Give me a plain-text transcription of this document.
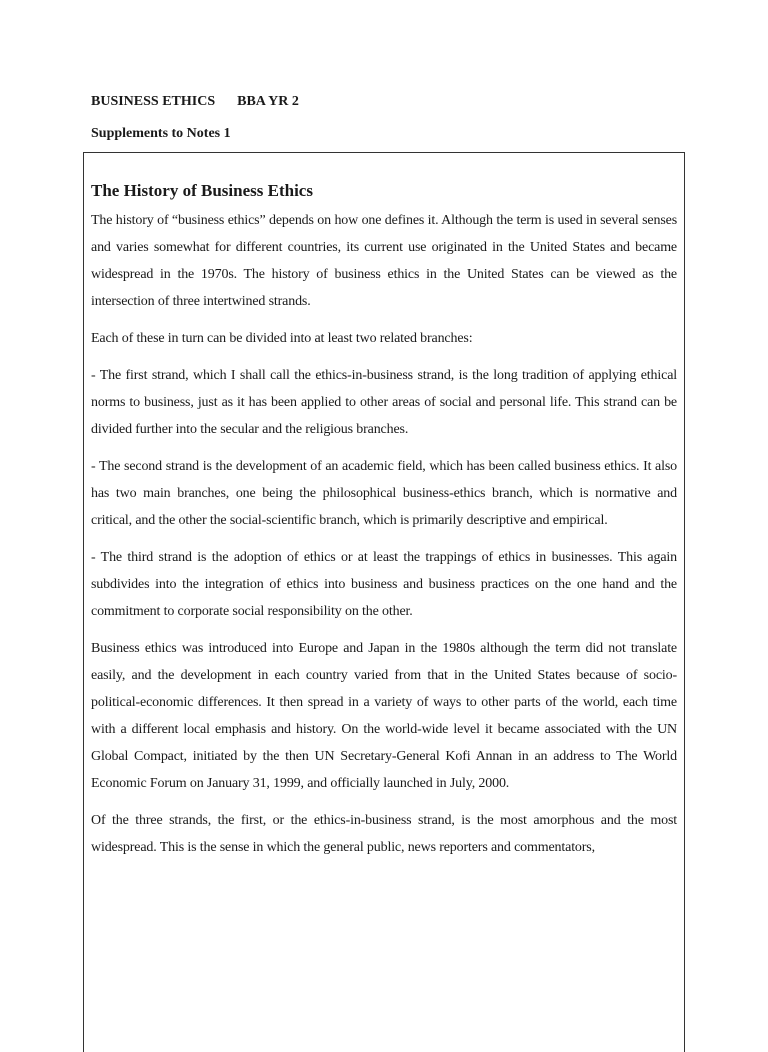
BUSINESS ETHICS BBA YR 2
Supplements to Notes 1
The History of Business Ethics

The history of “business ethics” depends on how one defines it. Although the term is used in several senses and varies somewhat for different countries, its current use originated in the United States and became widespread in the 1970s. The history of business ethics in the United States can be viewed as the intersection of three intertwined strands.

Each of these in turn can be divided into at least two related branches:

- The first strand, which I shall call the ethics-in-business strand, is the long tradition of applying ethical norms to business, just as it has been applied to other areas of social and personal life. This strand can be divided further into the secular and the religious branches.

- The second strand is the development of an academic field, which has been called business ethics. It also has two main branches, one being the philosophical business-ethics branch, which is normative and critical, and the other the social-scientific branch, which is primarily descriptive and empirical.

- The third strand is the adoption of ethics or at least the trappings of ethics in businesses. This again subdivides into the integration of ethics into business and business practices on the one hand and the commitment to corporate social responsibility on the other.

Business ethics was introduced into Europe and Japan in the 1980s although the term did not translate easily, and the development in each country varied from that in the United States because of socio-political-economic differences. It then spread in a variety of ways to other parts of the world, each time with a different local emphasis and history. On the world-wide level it became associated with the UN Global Compact, initiated by the then UN Secretary-General Kofi Annan in an address to The World Economic Forum on January 31, 1999, and officially launched in July, 2000.

Of the three strands, the first, or the ethics-in-business strand, is the most amorphous and the most widespread. This is the sense in which the general public, news reporters and commentators,
